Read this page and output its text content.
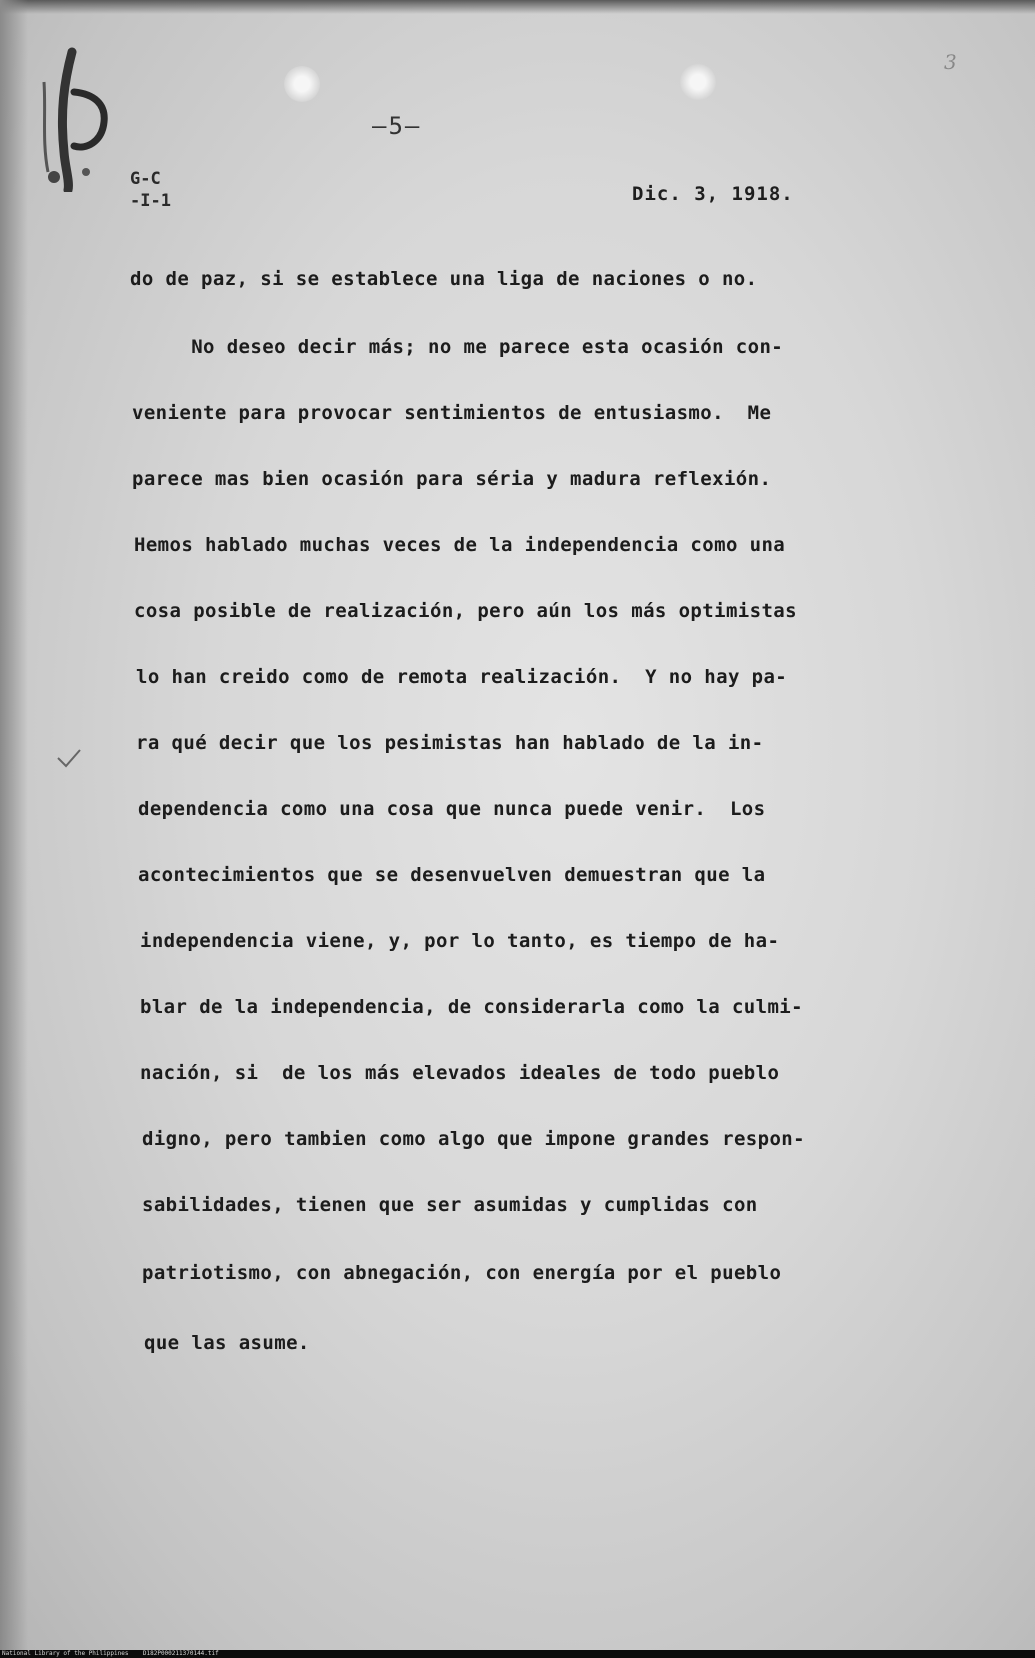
3
—5—
G-C
-I-1	Dic. 3, 1918.
do de paz, si se establece una liga de naciones o no.
No deseo decir más; no me parece esta ocasión con-
veniente para provocar sentimientos de entusiasmo.  Me
parece mas bien ocasión para séria y madura reflexión.
Hemos hablado muchas veces de la independencia como una
cosa posible de realización, pero aún los más optimistas
lo han creido como de remota realización.  Y no hay pa-
ra qué decir que los pesimistas han hablado de la in-
dependencia como una cosa que nunca puede venir.  Los
acontecimientos que se desenvuelven demuestran que la
independencia viene, y, por lo tanto, es tiempo de ha-
blar de la independencia, de considerarla como la culmi-
nación, si  de los más elevados ideales de todo pueblo
digno, pero tambien como algo que impone grandes respon-
sabilidades, tienen que ser asumidas y cumplidas con
patriotismo, con abnegación, con energía por el pueblo
que las asume.
National Library of the Philippines    D182P000211370144.tif
